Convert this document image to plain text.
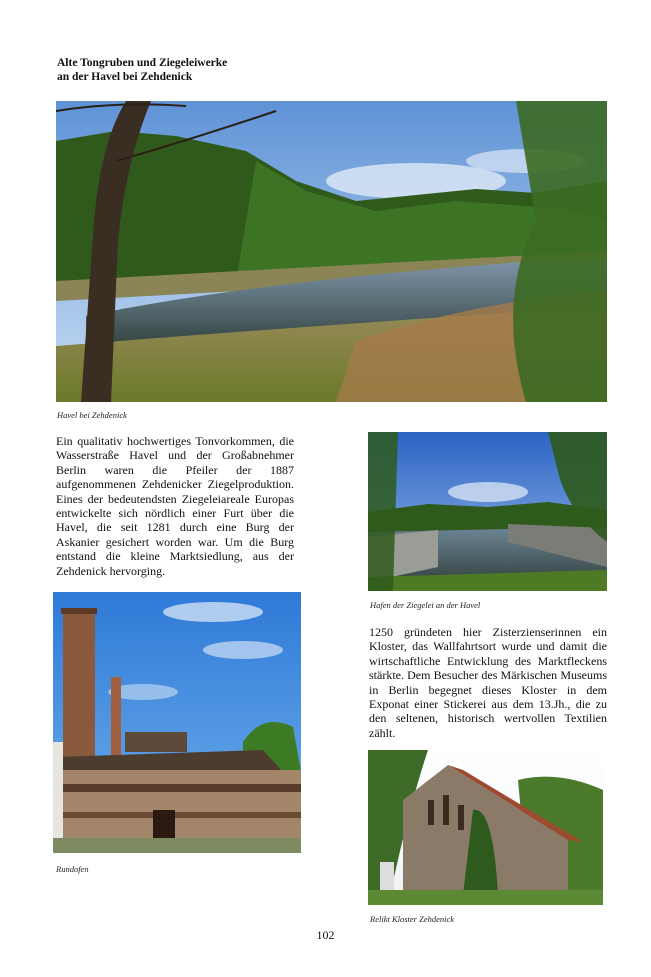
Alte Tongruben und Ziegeleiwerke
an der Havel bei Zehdenick
Havel bei Zehdenick

Ein qualitativ hochwertiges Tonvorkommen, die Wasserstraße Havel und der Großabnehmer Berlin waren die Pfeiler der 1887 aufgenommenen Zehdenicker Ziegelproduktion. Eines der bedeutendsten Ziegeleiareale Europas entwickelte sich nördlich einer Furt über die Havel, die seit 1281 durch eine Burg der Askanier gesichert worden war. Um die Burg entstand die kleine Marktsiedlung, aus der Zehdenick hervorging.

Hafen der Ziegelei an der Havel
Rundofen

1250 gründeten hier Zisterzienserinnen ein Kloster, das Wallfahrtsort wurde und damit die wirtschaftliche Entwicklung des Marktfleckens stärkte. Dem Besucher des Märkischen Museums in Berlin begegnet dieses Kloster in dem Exponat einer Stickerei aus dem 13.Jh., die zu den seltenen, historisch wertvollen Textilien zählt.

Relikt Kloster Zehdenick
102
